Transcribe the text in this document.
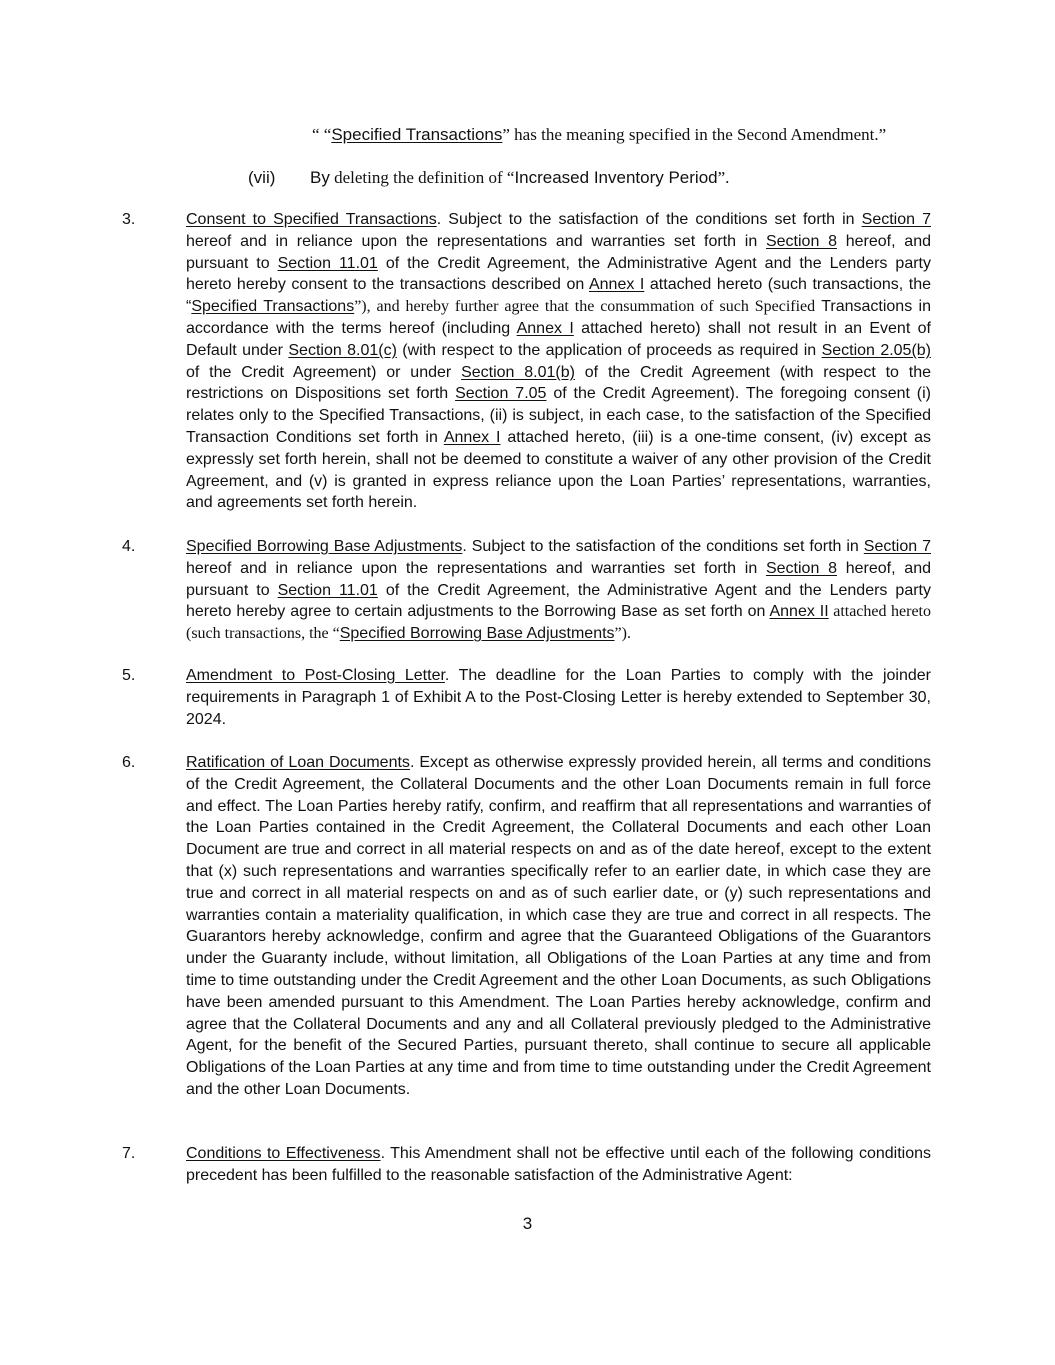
“ “Specified Transactions” has the meaning specified in the Second Amendment.”
(vii) By deleting the definition of “Increased Inventory Period”.
3.	Consent to Specified Transactions. Subject to the satisfaction of the conditions set forth in Section 7 hereof and in reliance upon the representations and warranties set forth in Section 8 hereof, and pursuant to Section 11.01 of the Credit Agreement, the Administrative Agent and the Lenders party hereto hereby consent to the transactions described on Annex I attached hereto (such transactions, the “Specified Transactions”), and hereby further agree that the consummation of such Specified Transactions in accordance with the terms hereof (including Annex I attached hereto) shall not result in an Event of Default under Section 8.01(c) (with respect to the application of proceeds as required in Section 2.05(b) of the Credit Agreement) or under Section 8.01(b) of the Credit Agreement (with respect to the restrictions on Dispositions set forth Section 7.05 of the Credit Agreement). The foregoing consent (i) relates only to the Specified Transactions, (ii) is subject, in each case, to the satisfaction of the Specified Transaction Conditions set forth in Annex I attached hereto, (iii) is a one-time consent, (iv) except as expressly set forth herein, shall not be deemed to constitute a waiver of any other provision of the Credit Agreement, and (v) is granted in express reliance upon the Loan Parties’ representations, warranties, and agreements set forth herein.
4.	Specified Borrowing Base Adjustments. Subject to the satisfaction of the conditions set forth in Section 7 hereof and in reliance upon the representations and warranties set forth in Section 8 hereof, and pursuant to Section 11.01 of the Credit Agreement, the Administrative Agent and the Lenders party hereto hereby agree to certain adjustments to the Borrowing Base as set forth on Annex II attached hereto (such transactions, the “Specified Borrowing Base Adjustments”).
5.	Amendment to Post-Closing Letter. The deadline for the Loan Parties to comply with the joinder requirements in Paragraph 1 of Exhibit A to the Post-Closing Letter is hereby extended to September 30, 2024.
6.	Ratification of Loan Documents. Except as otherwise expressly provided herein, all terms and conditions of the Credit Agreement, the Collateral Documents and the other Loan Documents remain in full force and effect. The Loan Parties hereby ratify, confirm, and reaffirm that all representations and warranties of the Loan Parties contained in the Credit Agreement, the Collateral Documents and each other Loan Document are true and correct in all material respects on and as of the date hereof, except to the extent that (x) such representations and warranties specifically refer to an earlier date, in which case they are true and correct in all material respects on and as of such earlier date, or (y) such representations and warranties contain a materiality qualification, in which case they are true and correct in all respects. The Guarantors hereby acknowledge, confirm and agree that the Guaranteed Obligations of the Guarantors under the Guaranty include, without limitation, all Obligations of the Loan Parties at any time and from time to time outstanding under the Credit Agreement and the other Loan Documents, as such Obligations have been amended pursuant to this Amendment. The Loan Parties hereby acknowledge, confirm and agree that the Collateral Documents and any and all Collateral previously pledged to the Administrative Agent, for the benefit of the Secured Parties, pursuant thereto, shall continue to secure all applicable Obligations of the Loan Parties at any time and from time to time outstanding under the Credit Agreement and the other Loan Documents.
7.	Conditions to Effectiveness. This Amendment shall not be effective until each of the following conditions precedent has been fulfilled to the reasonable satisfaction of the Administrative Agent:
3
